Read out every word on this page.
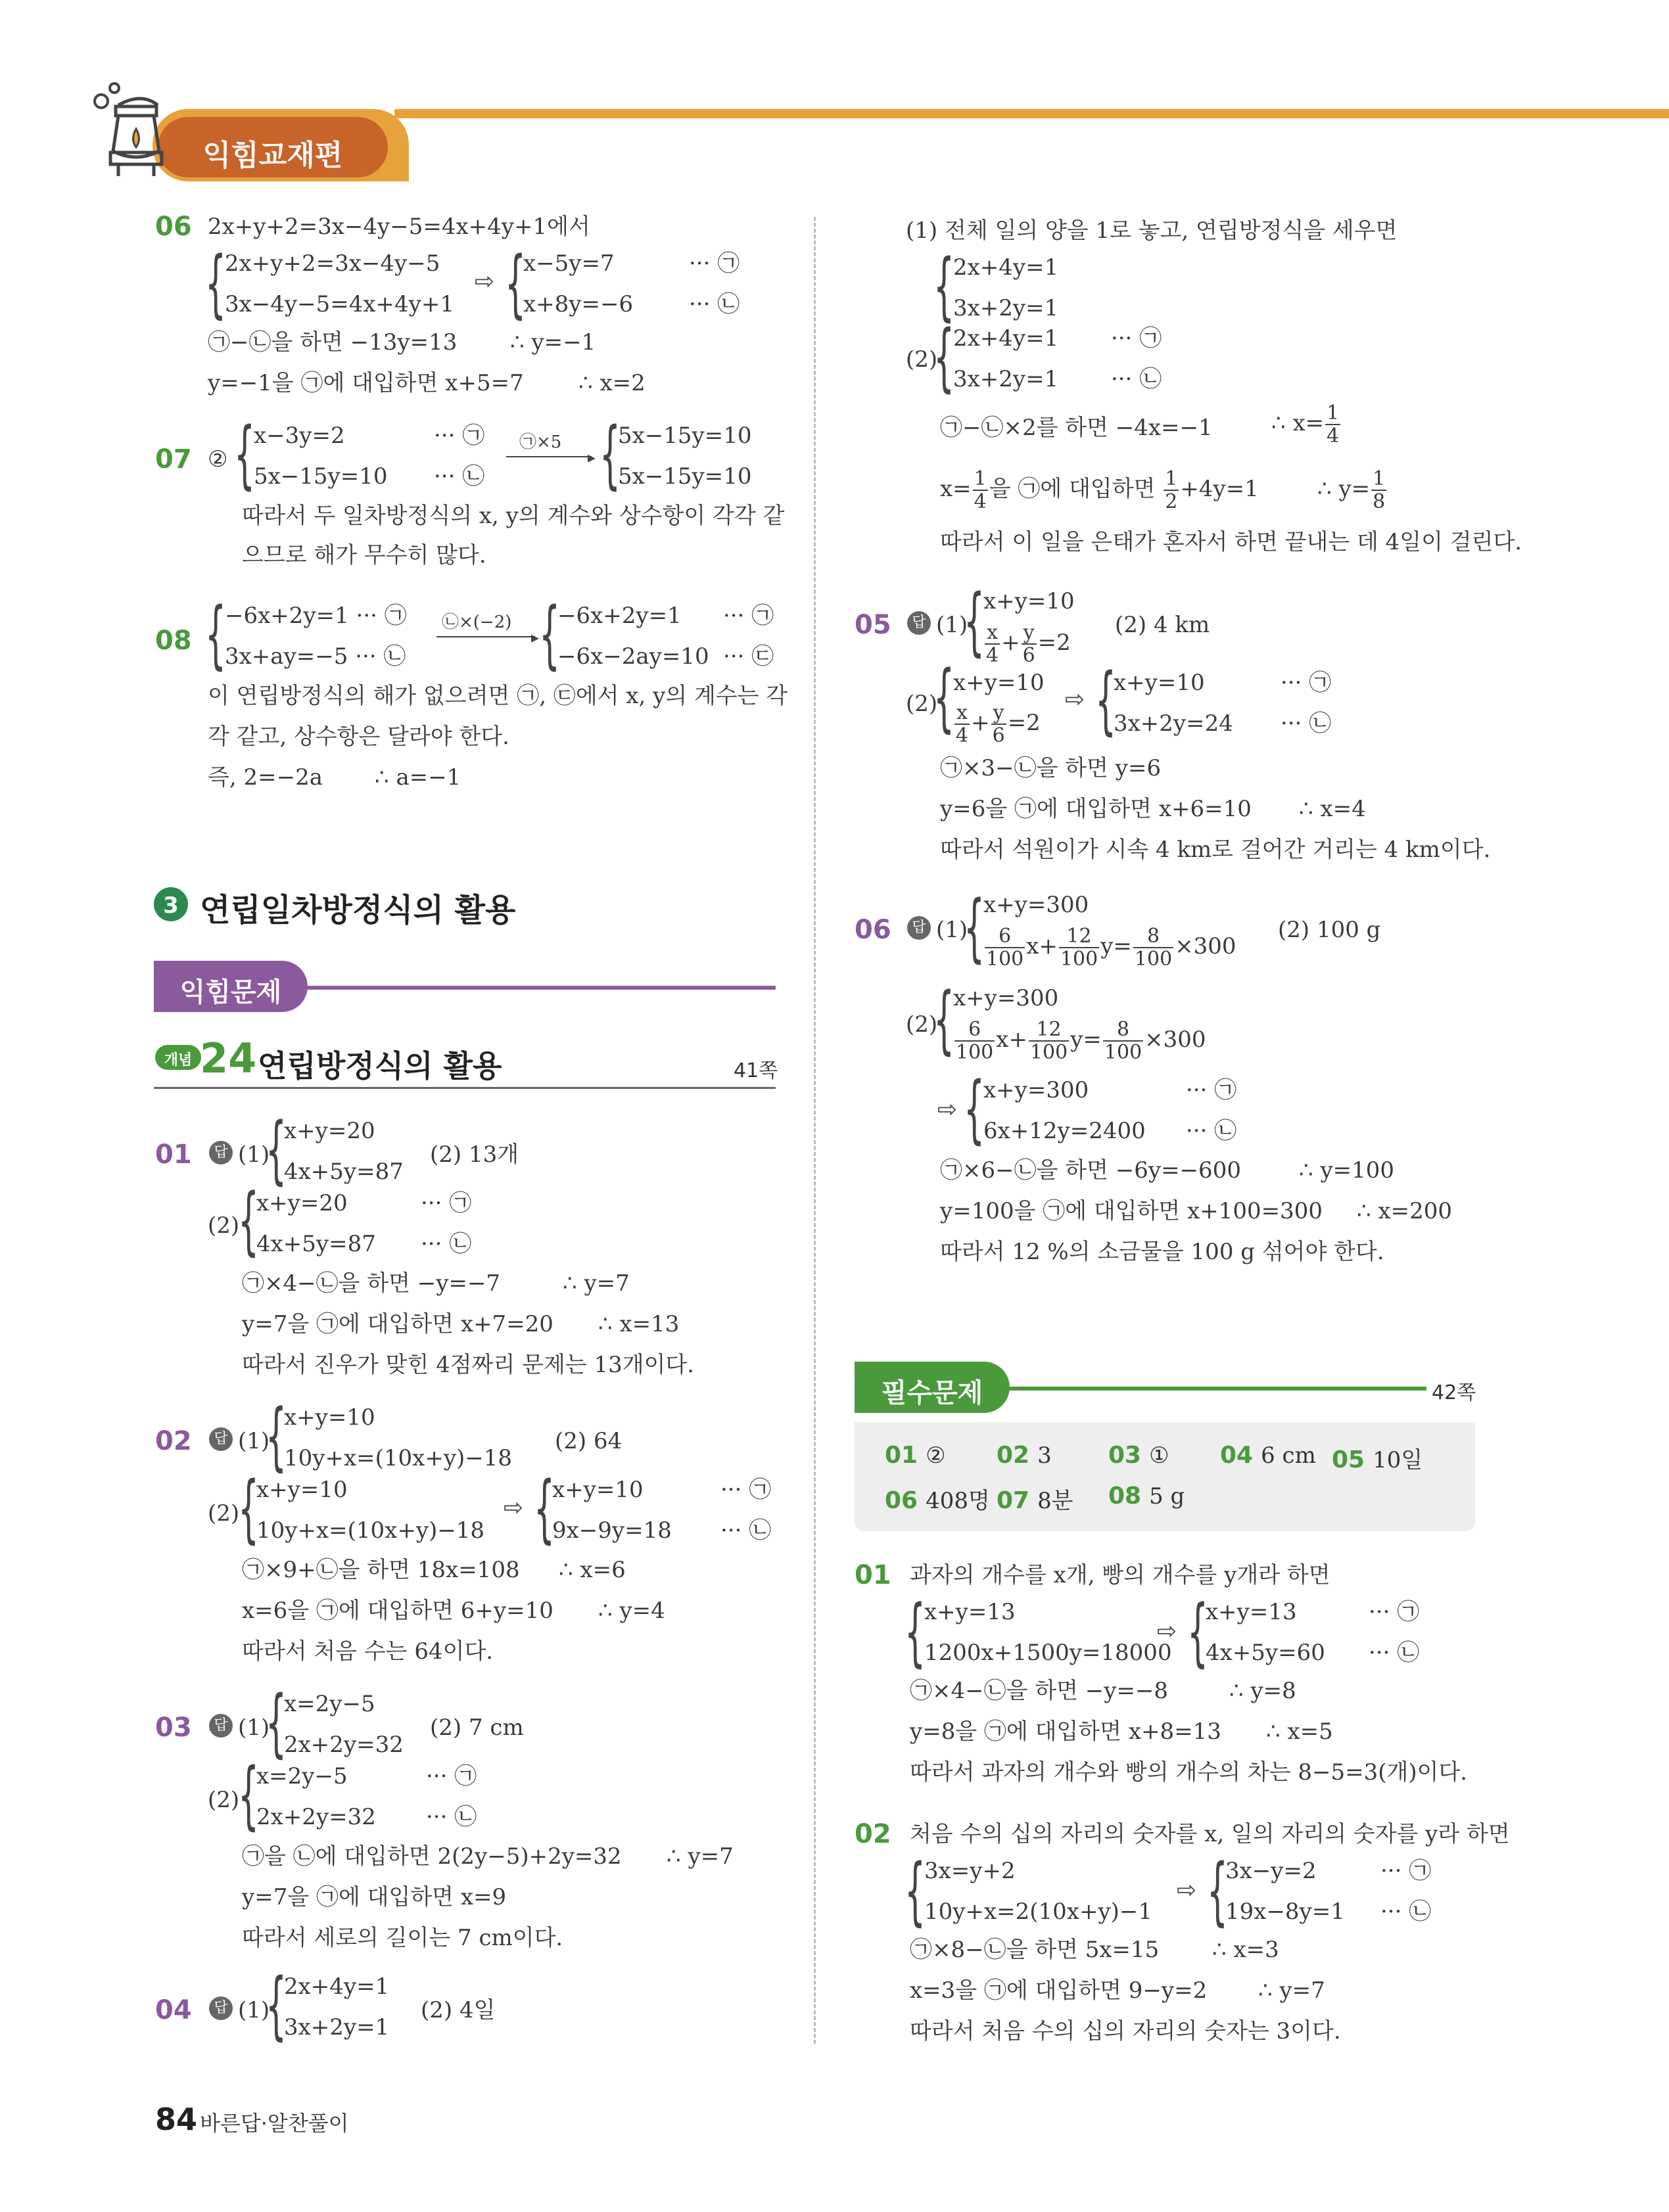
익힘교재편
06 2x+y+2=3x−4y−5=4x+4y+1에서
{
2x+y+2=3x−4y−5
3x−4y−5=4x+4y+1
⇨ {
x−5y=7
x+8y=−6
··· ㉠
··· ㉡
㉠−㉡을 하면 −13y=13 ∴ y=−1
y=−1을 ㉠에 대입하면 x+5=7 ∴ x=2
07 ② {
x−3y=2
5x−15y=10
··· ㉠
··· ㉡
㉠×5
▸ {
5x−15y=10
5x−15y=10
따라서 두 일차방정식의 x, y의 계수와 상수항이 각각 같
으므로 해가 무수히 많다.
08 {
−6x+2y=1 ··· ㉠
3x+ay=−5 ··· ㉡
㉡×(−2)
▸ {
−6x+2y=1
−6x−2ay=10
··· ㉠
··· ㉢
이 연립방정식의 해가 없으려면 ㉠, ㉢에서 x, y의 계수는 각
각 같고, 상수항은 달라야 한다.
즉, 2=−2a ∴ a=−1
3 연립일차방정식의 활용
익힘문제
개념 24 연립방정식의 활용	41쪽
01	답 (1)
{
x+y=20
4x+5y=87
(2) 13개
(2)
{
x+y=20
4x+5y=87
··· ㉠
··· ㉡
㉠×4−㉡을 하면 −y=−7	∴ y=7
y=7을 ㉠에 대입하면 x+7=20 ∴ x=13
따라서 진우가 맞힌 4점짜리 문제는 13개이다.
02	답 (1)
{
x+y=10
10y+x=(10x+y)−18
(2) 64
(2)
{
x+y=10
10y+x=(10x+y)−18
⇨ {
x+y=10
9x−9y=18
··· ㉠
··· ㉡
㉠×9+㉡을 하면 18x=108 ∴ x=6
x=6을 ㉠에 대입하면 6+y=10 ∴ y=4
따라서 처음 수는 64이다.
03	답 (1)
{
x=2y−5
2x+2y=32
(2) 7 cm
(2)
{
x=2y−5
2x+2y=32
··· ㉠
··· ㉡
㉠을 ㉡에 대입하면 2(2y−5)+2y=32 ∴ y=7
y=7을 ㉠에 대입하면 x=9
따라서 세로의 길이는 7 cm이다.
04	답 (1)
{
2x+4y=1
3x+2y=1
(2) 4일
(1) 전체 일의 양을 1로 놓고, 연립방정식을 세우면
{
2x+4y=1
3x+2y=1
(2)
{
2x+4y=1
3x+2y=1
··· ㉠
··· ㉡
㉠−㉡×2를 하면 −4x=−1	∴ $x= \frac{1}{4}$
$x= \frac{1}{4}$ 을 ㉠에 대입하면 $\frac{1}{2} +4y=1$	∴ $y= \frac{1}{8}$
따라서 이 일을 은태가 혼자서 하면 끝내는 데 4일이 걸린다.
05	답 (1)
{
x+y=10
$\frac{x}{4} + \frac{y}{6} =2$
(2) 4 km
(2)
{
x+y=10
$\frac{x}{4} + \frac{y}{6} =2$
⇨ {
x+y=10
3x+2y=24
··· ㉠
··· ㉡
㉠×3−㉡을 하면 y=6
y=6을 ㉠에 대입하면 x+6=10 ∴ x=4
따라서 석원이가 시속 4 km로 걸어간 거리는 4 km이다.
06	답 (1)
{
x+y=300
$\frac{6}{100} x+ \frac{12}{100} y= \frac{8}{100} \times 300$
(2) 100 g
(2)
{
x+y=300
$\frac{6}{100} x+ \frac{12}{100} y= \frac{8}{100} \times 300$
⇨ {
x+y=300
6x+12y=2400
··· ㉠
··· ㉡
㉠×6−㉡을 하면 −6y=−600	∴ y=100
y=100을 ㉠에 대입하면 x+100=300 ∴ x=200
따라서 12 %의 소금물을 100 g 섞어야 한다.
필수문제	42쪽
01 ② 02 3 03 ① 04 6 cm 05 10일
06 408명 07 8분 08 5 g
01 과자의 개수를 x개, 빵의 개수를 y개라 하면
{
x+y=13
1200x+1500y=18000
⇨ {
x+y=13
4x+5y=60
··· ㉠
··· ㉡
㉠×4−㉡을 하면 −y=−8	∴ y=8
y=8을 ㉠에 대입하면 x+8=13 ∴ x=5
따라서 과자의 개수와 빵의 개수의 차는 8−5=3(개)이다.
02 처음 수의 십의 자리의 숫자를 x, 일의 자리의 숫자를 y라 하면
{
3x=y+2
10y+x=2(10x+y)−1
⇨ {
3x−y=2
19x−8y=1
··· ㉠
··· ㉡
㉠×8−㉡을 하면 5x=15 ∴ x=3
x=3을 ㉠에 대입하면 9−y=2 ∴ y=7
따라서 처음 수의 십의 자리의 숫자는 3이다.
84 바른답·알찬풀이
